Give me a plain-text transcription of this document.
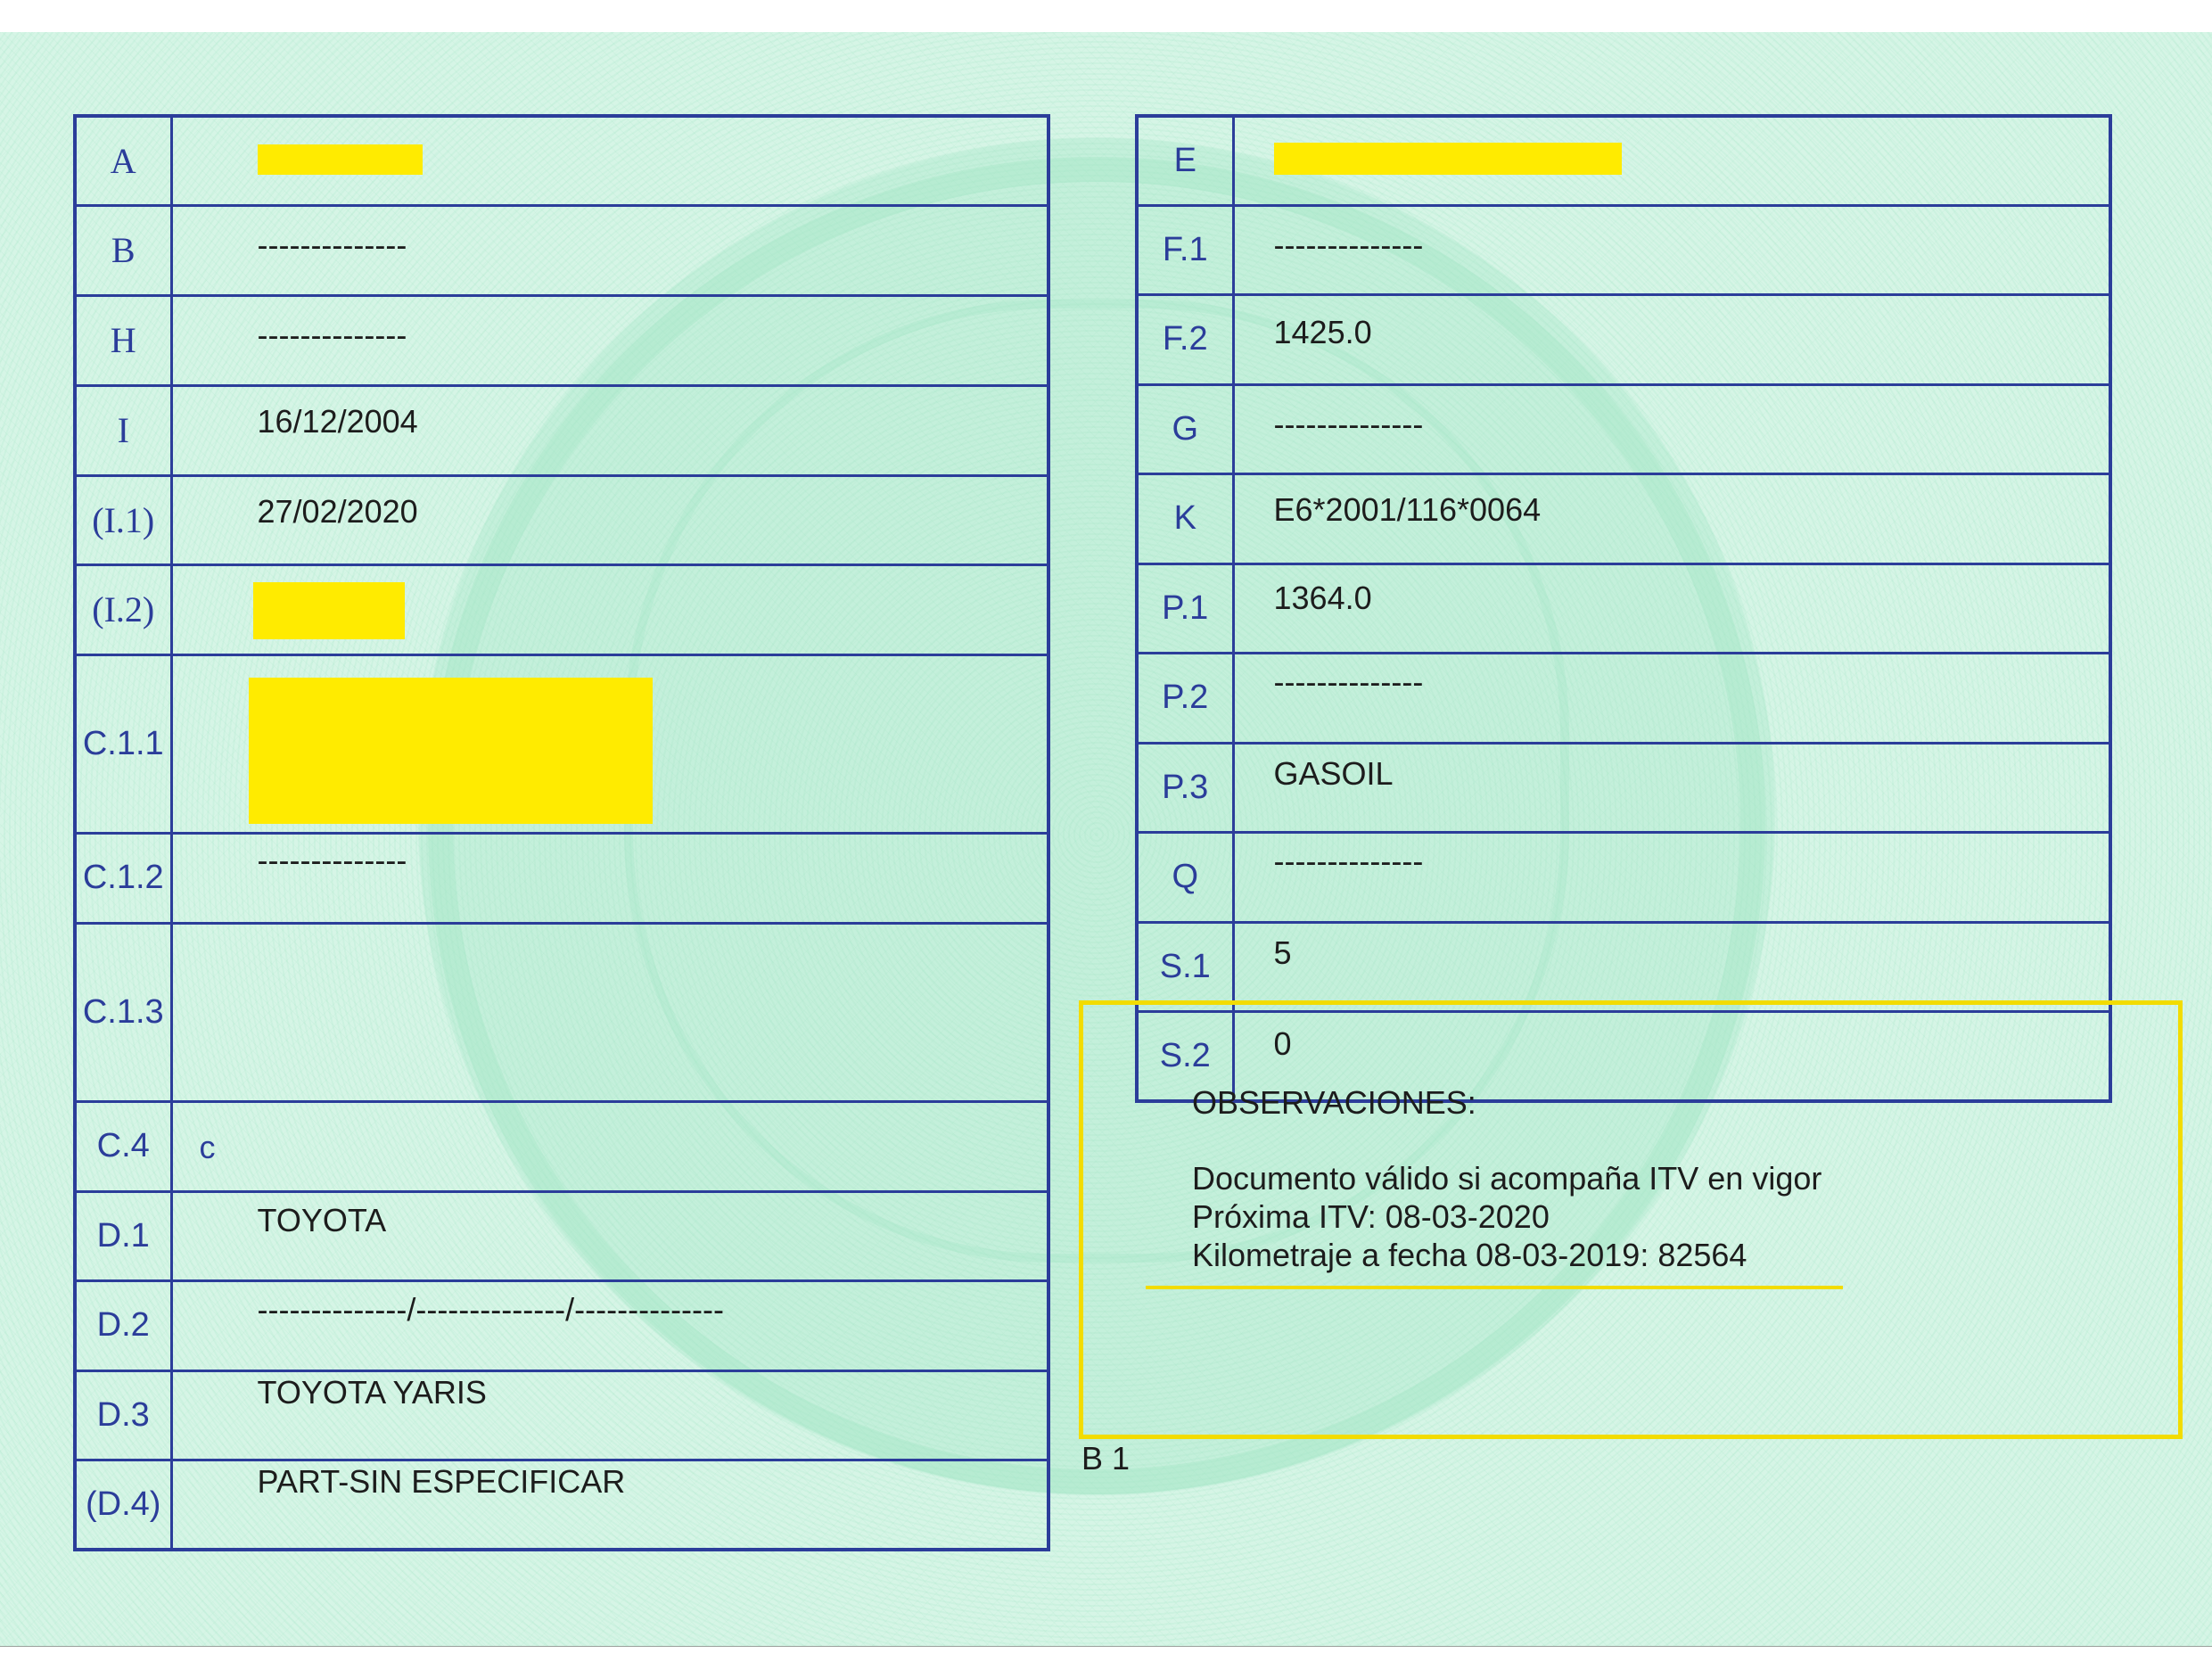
A	

B	--------------

H	--------------

I	16/12/2004

(I.1)	27/02/2020

(I.2)	

C.1.1	

C.1.2	--------------

C.1.3	

C.4	c

D.1	TOYOTA

D.2	--------------/--------------/--------------

D.3	TOYOTA YARIS

(D.4)	PART-SIN ESPECIFICAR
E	

F.1	--------------

F.2	1425.0

G	--------------

K	E6*2001/116*0064

P.1	1364.0

P.2	--------------

P.3	GASOIL

Q	--------------

S.1	5

S.2	0
OBSERVACIONES:
Documento válido si acompaña ITV en vigor
Próxima ITV: 08-03-2020
Kilometraje a fecha 08-03-2019: 82564
B 1
